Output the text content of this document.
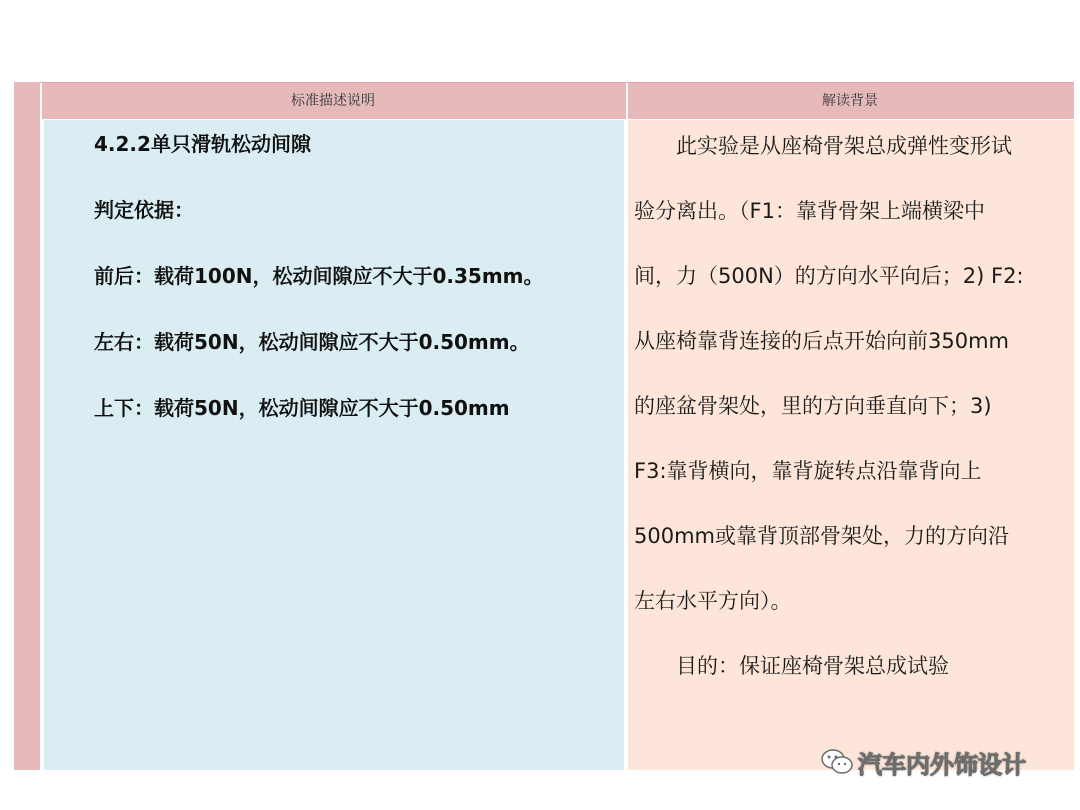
标准描述说明	解读背景
4.2.2单只滑轨松动间隙
判定依据：
前后：载荷100N，松动间隙应不大于0.35mm。
左右：载荷50N，松动间隙应不大于0.50mm。
上下：载荷50N，松动间隙应不大于0.50mm
此实验是从座椅骨架总成弹性变形试
验分离出。（F1：靠背骨架上端横梁中
间，力（500N）的方向水平向后；2) F2:
从座椅靠背连接的后点开始向前350mm
的座盆骨架处，里的方向垂直向下；3)
F3:靠背横向，靠背旋转点沿靠背向上
500mm或靠背顶部骨架处，力的方向沿
左右水平方向）。
目的：保证座椅骨架总成试验
汽车内外饰设计
